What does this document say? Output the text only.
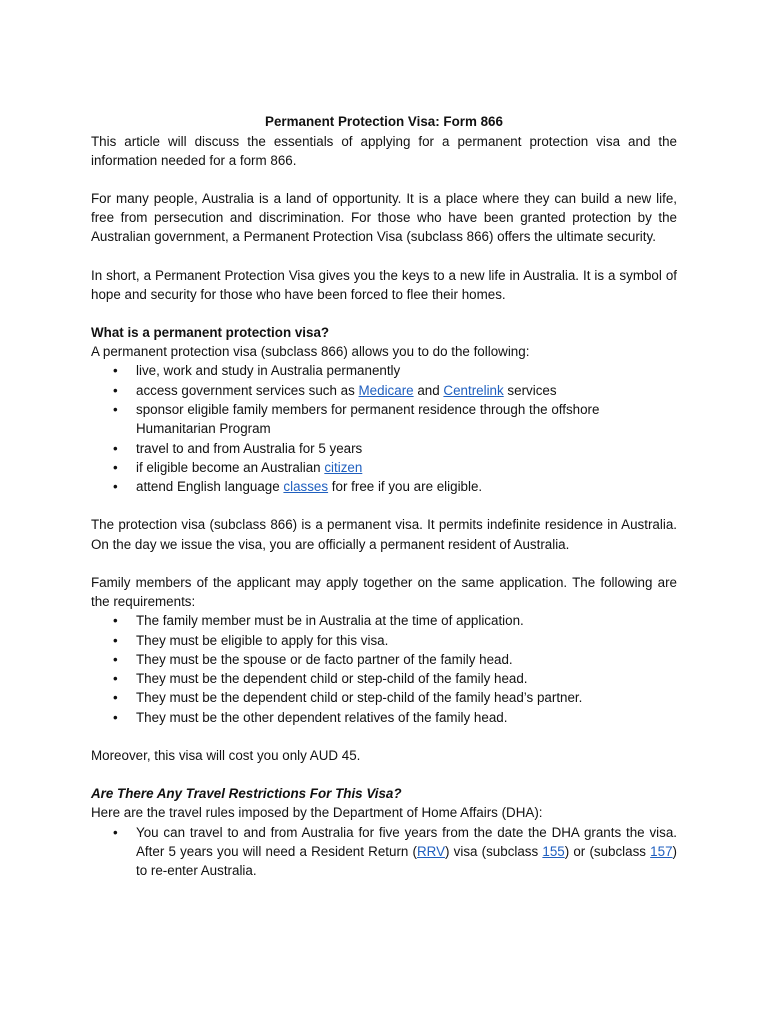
Permanent Protection Visa: Form 866

This article will discuss the essentials of applying for a permanent protection visa and the information needed for a form 866.

For many people, Australia is a land of opportunity. It is a place where they can build a new life, free from persecution and discrimination. For those who have been granted protection by the Australian government, a Permanent Protection Visa (subclass 866) offers the ultimate security.

In short, a Permanent Protection Visa gives you the keys to a new life in Australia. It is a symbol of hope and security for those who have been forced to flee their homes.

What is a permanent protection visa?

A permanent protection visa (subclass 866) allows you to do the following:

• live, work and study in Australia permanently
• access government services such as Medicare and Centrelink services
• sponsor eligible family members for permanent residence through the offshore Humanitarian Program
• travel to and from Australia for 5 years
• if eligible become an Australian citizen
• attend English language classes for free if you are eligible.

The protection visa (subclass 866) is a permanent visa. It permits indefinite residence in Australia. On the day we issue the visa, you are officially a permanent resident of Australia.

Family members of the applicant may apply together on the same application. The following are the requirements:

• The family member must be in Australia at the time of application.
• They must be eligible to apply for this visa.
• They must be the spouse or de facto partner of the family head.
• They must be the dependent child or step-child of the family head.
• They must be the dependent child or step-child of the family head’s partner.
• They must be the other dependent relatives of the family head.

Moreover, this visa will cost you only AUD 45.

Are There Any Travel Restrictions For This Visa?

Here are the travel rules imposed by the Department of Home Affairs (DHA):

• You can travel to and from Australia for five years from the date the DHA grants the visa. After 5 years you will need a Resident Return (RRV) visa (subclass 155) or (subclass 157) to re-enter Australia.
